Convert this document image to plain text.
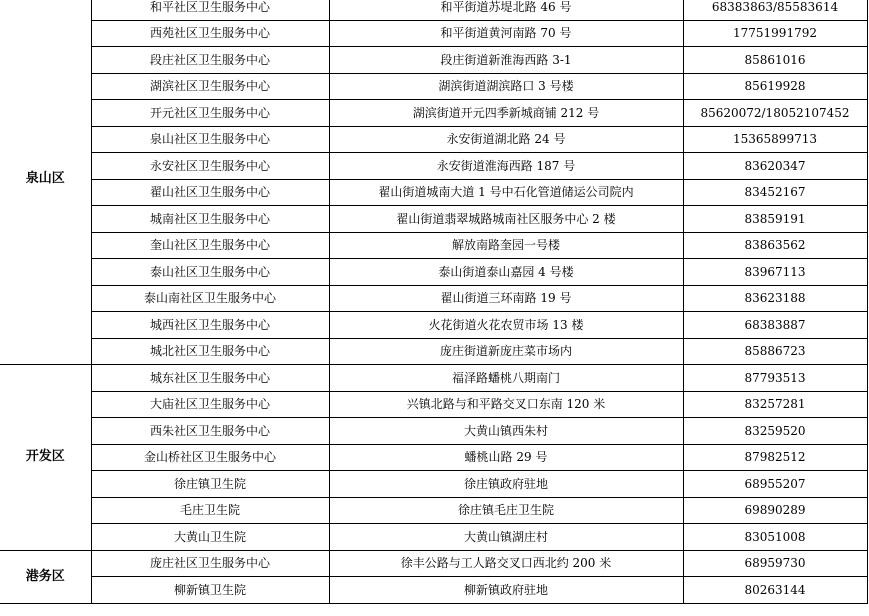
泉山区	和平社区卫生服务中心	和平街道苏堤北路 46 号	68383863/85583614
	西苑社区卫生服务中心	和平街道黄河南路 70 号	17751991792
	段庄社区卫生服务中心	段庄街道新淮海西路 3-1	85861016
	湖滨社区卫生服务中心	湖滨街道湖滨路口 3 号楼	85619928
	开元社区卫生服务中心	湖滨街道开元四季新城商铺 212 号	85620072/18052107452
	泉山社区卫生服务中心	永安街道湖北路 24 号	15365899713
	永安社区卫生服务中心	永安街道淮海西路 187 号	83620347
	翟山社区卫生服务中心	翟山街道城南大道 1 号中石化管道储运公司院内	83452167
	城南社区卫生服务中心	翟山街道翡翠城路城南社区服务中心 2 楼	83859191
	奎山社区卫生服务中心	解放南路奎园一号楼	83863562
	泰山社区卫生服务中心	泰山街道泰山嘉园 4 号楼	83967113
	泰山南社区卫生服务中心	翟山街道三环南路 19 号	83623188
	城西社区卫生服务中心	火花街道火花农贸市场 13 楼	68383887
	城北社区卫生服务中心	庞庄街道新庞庄菜市场内	85886723
开发区	城东社区卫生服务中心	福泽路蟠桃八期南门	87793513
	大庙社区卫生服务中心	兴镇北路与和平路交叉口东南 120 米	83257281
	西朱社区卫生服务中心	大黄山镇西朱村	83259520
	金山桥社区卫生服务中心	蟠桃山路 29 号	87982512
	徐庄镇卫生院	徐庄镇政府驻地	68955207
	毛庄卫生院	徐庄镇毛庄卫生院	69890289
	大黄山卫生院	大黄山镇湖庄村	83051008
港务区	庞庄社区卫生服务中心	徐丰公路与工人路交叉口西北约 200 米	68959730
	柳新镇卫生院	柳新镇政府驻地	80263144
